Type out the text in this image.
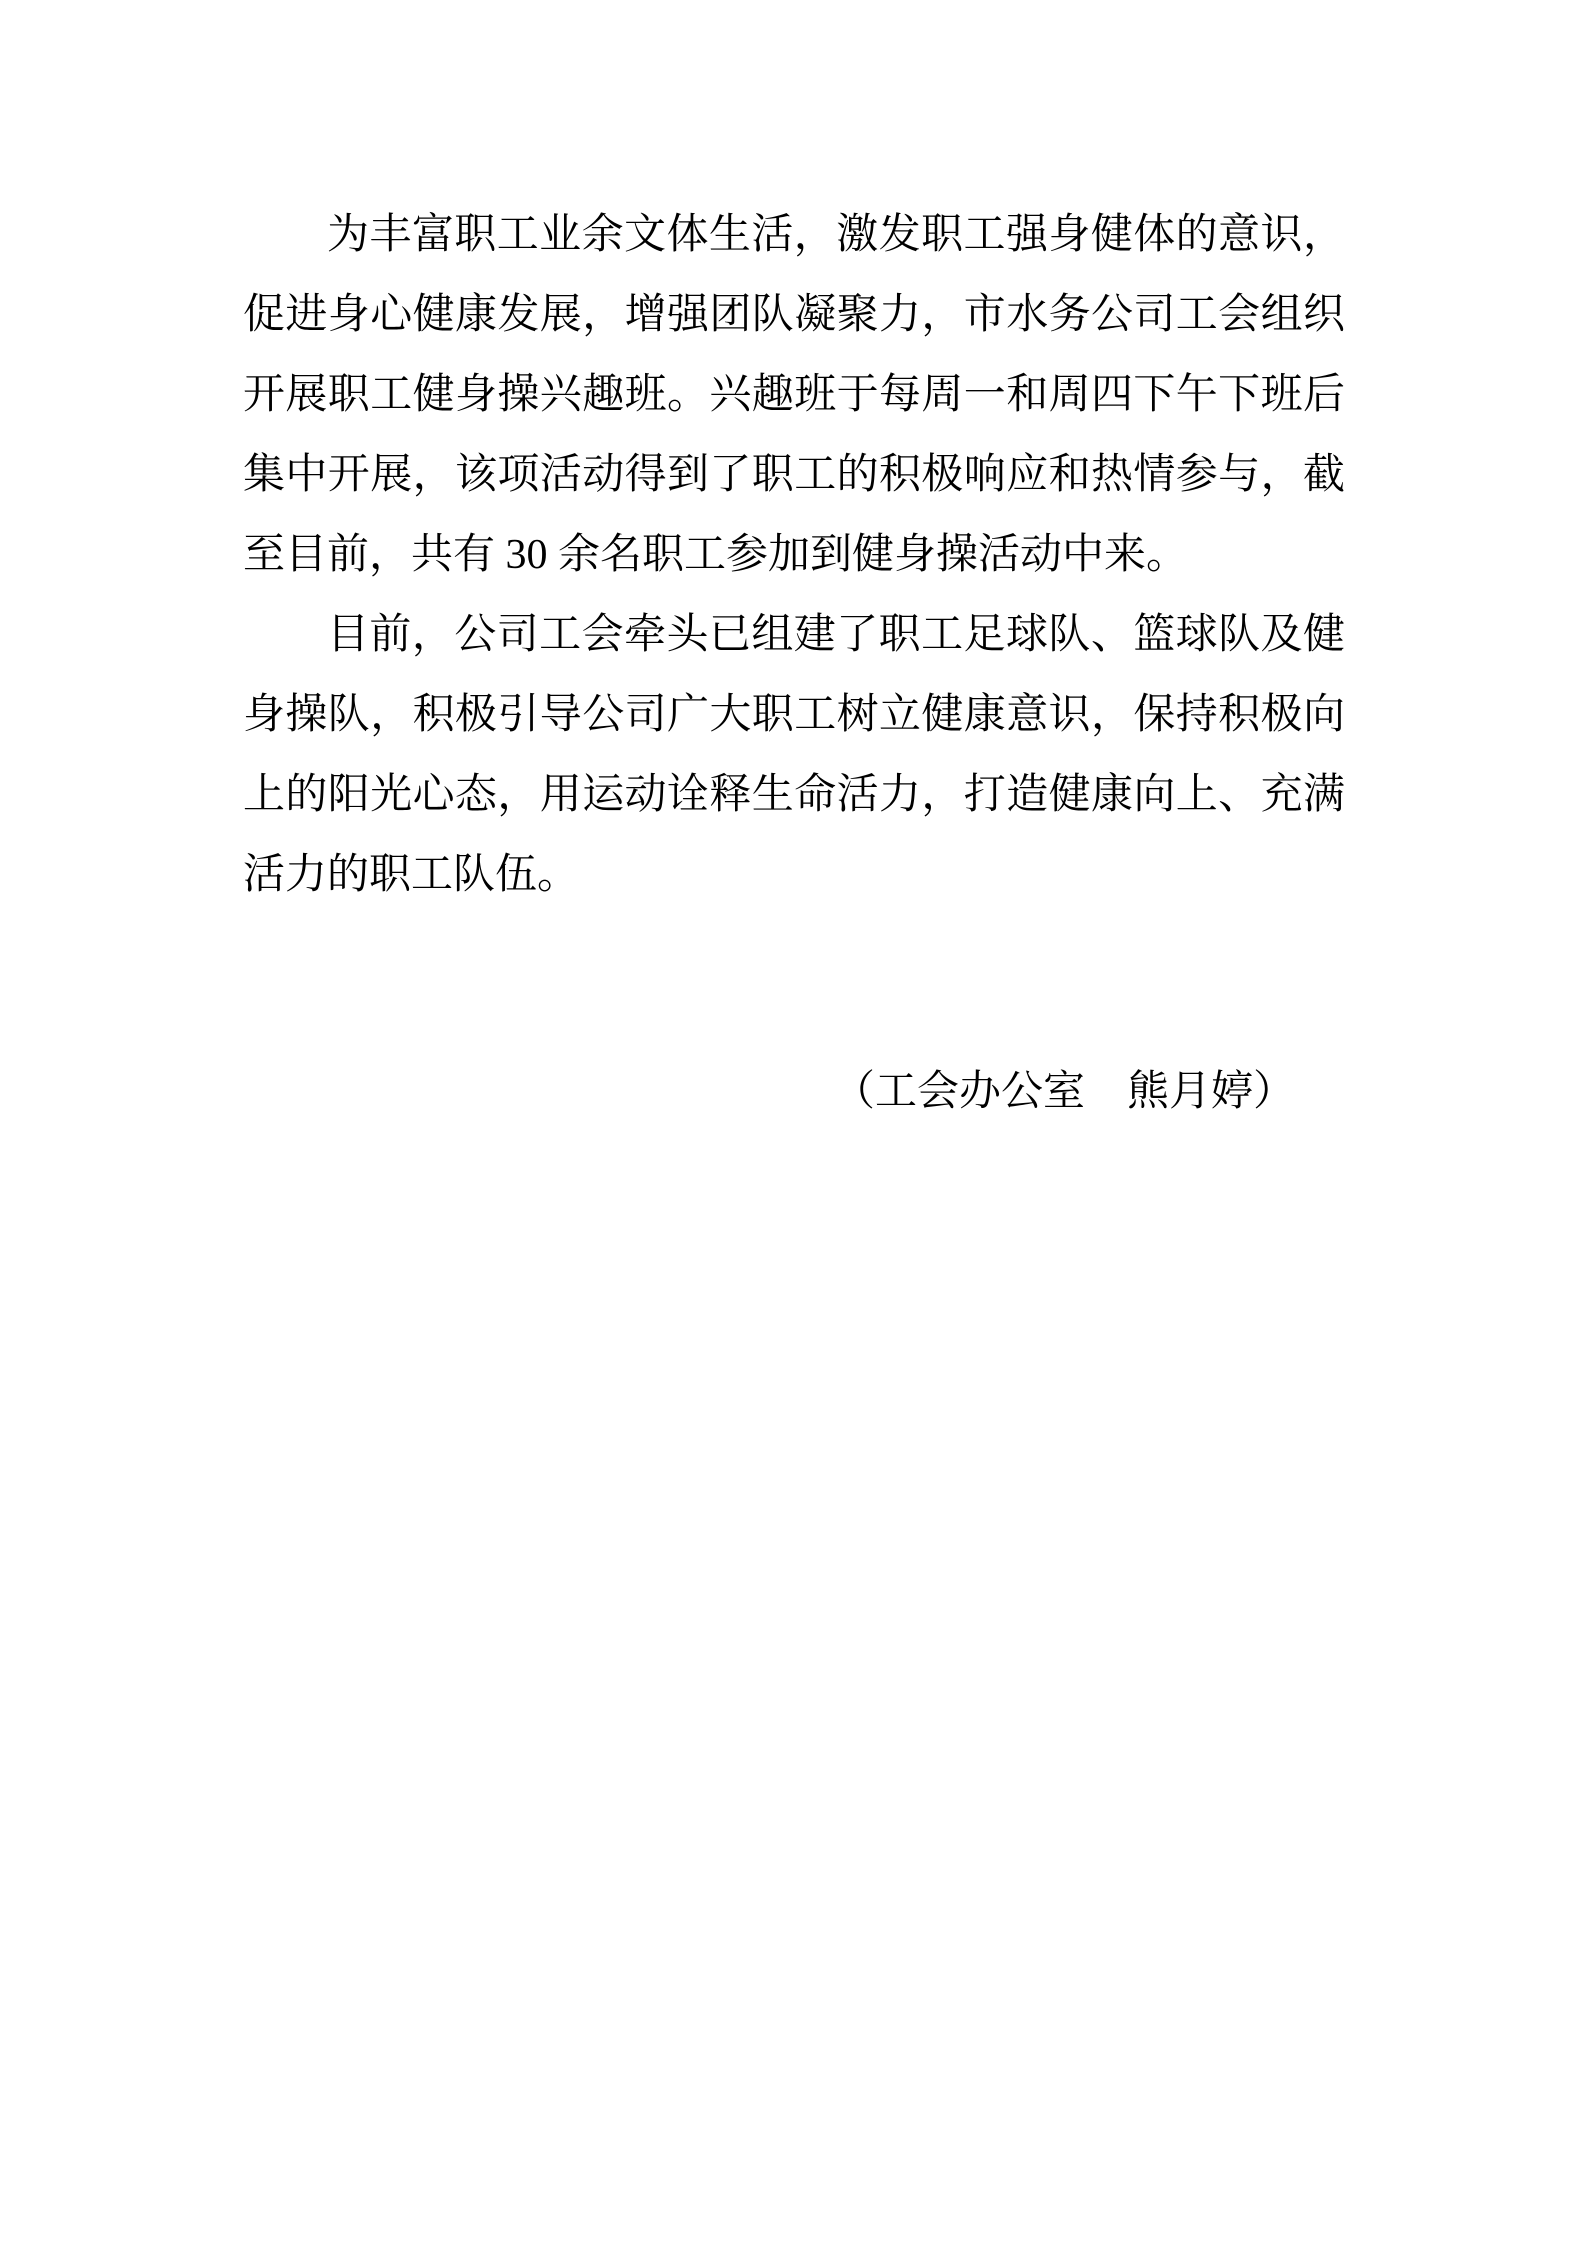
为丰富职工业余文体生活，激发职工强身健体的意识，促进身心健康发展，增强团队凝聚力，市水务公司工会组织开展职工健身操兴趣班。兴趣班于每周一和周四下午下班后集中开展，该项活动得到了职工的积极响应和热情参与，截至目前，共有 30 余名职工参加到健身操活动中来。

目前，公司工会牵头已组建了职工足球队、篮球队及健身操队，积极引导公司广大职工树立健康意识，保持积极向上的阳光心态，用运动诠释生命活力，打造健康向上、充满活力的职工队伍。

（工会办公室　熊月婷）
